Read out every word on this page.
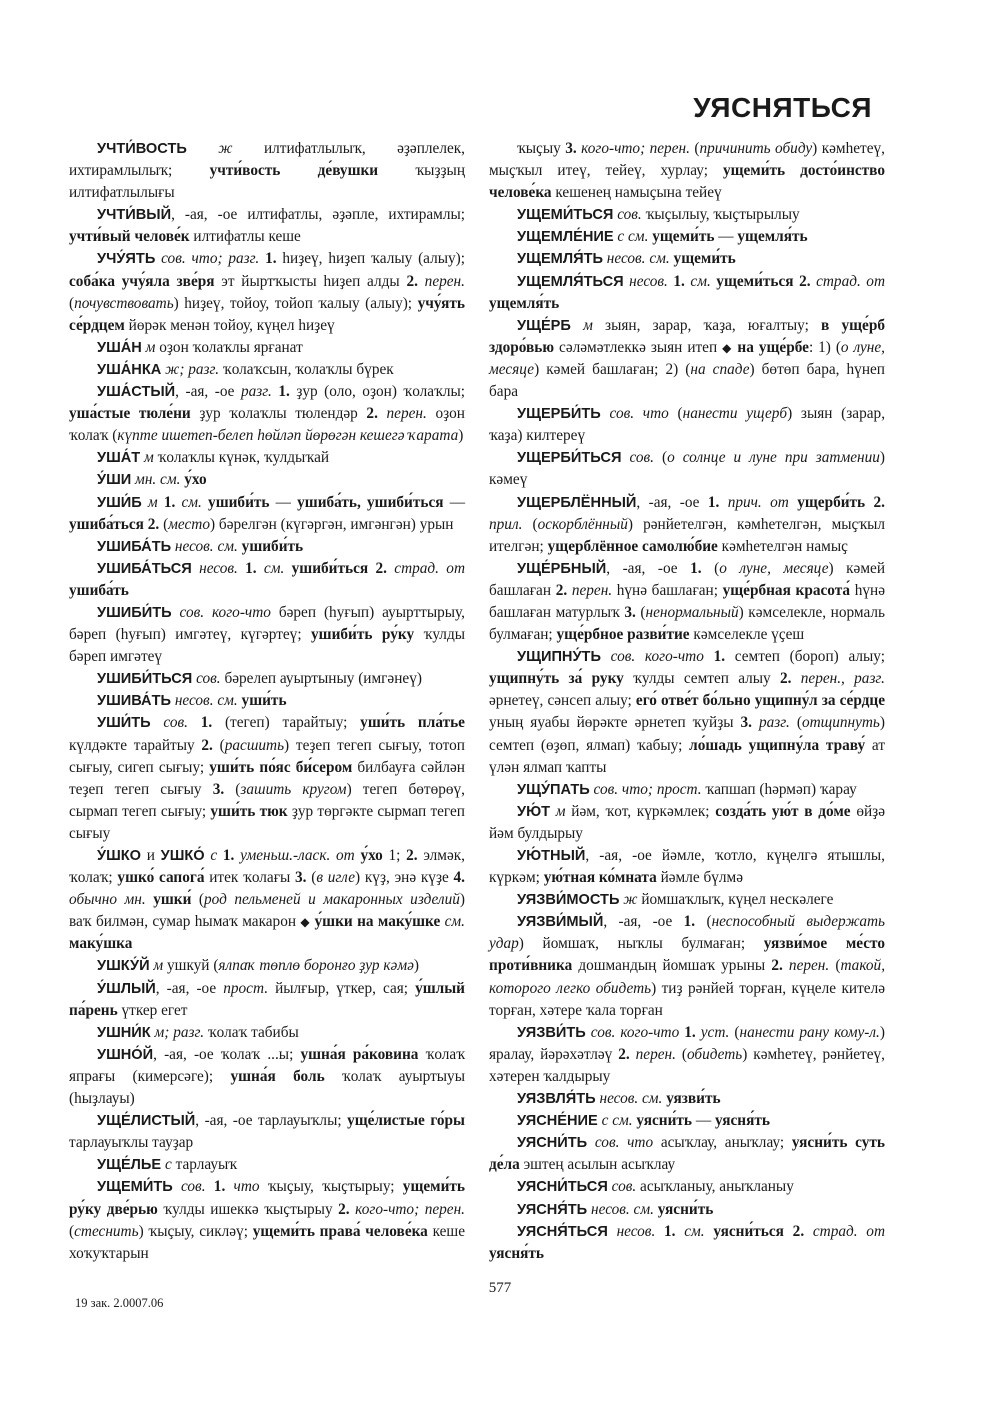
УЯСНЯТЬСЯ

УЧТИ́ВОСТЬ ж илтифатлылыҡ, әҙәплелек, ихтирамлылыҡ; учти́вость де́вушки ҡыҙҙың илтифатлылығы

УЧТИ́ВЫЙ, -ая, -ое илтифатлы, әҙәпле, ихтирамлы; учти́вый челове́к илтифатлы кеше

УЧУ́ЯТЬ сов. что; разг. 1. һиҙеү, һиҙеп ҡалыу (алыу); соба́ка учу́яла зве́ря эт йыртҡысты һиҙеп алды 2. перен. (почувствовать) һиҙеү, тойоу, тойоп ҡалыу (алыу); учу́ять се́рдцем йөрәк менән тойоу, күңел һиҙеү

УША́Н м оҙон ҡолаҡлы ярғанат

УША́НКА ж; разг. ҡолаҡсын, ҡолаҡлы бүрек

УША́СТЫЙ, -ая, -ое разг. 1. ҙур (оло, оҙон) ҡолаҡлы; уша́стые тюле́ни ҙур ҡолаҡлы тюлендәр 2. перен. оҙон ҡолаҡ (күпте ишетеп-белеп һөйләп йөрөгән кешегә ҡарата)

УША́Т м ҡолаҡлы күнәк, ҡулдыҡай

У́ШИ мн. см. у́хо

УШИ́Б м 1. см. ушиби́ть — ушиба́ть, ушиби́ться — ушиба́ться 2. (место) бәрелгән (күгәргән, имгәнгән) урын

УШИБА́ТЬ несов. см. ушиби́ть

УШИБА́ТЬСЯ несов. 1. см. ушиби́ться 2. страд. от ушиба́ть

УШИБИ́ТЬ сов. кого-что бәреп (һуғып) ауырттырыу, бәреп (һуғып) имгәтеү, күгәртеү; ушиби́ть ру́ку ҡулды бәреп имгәтеү

УШИБИ́ТЬСЯ сов. бәрелеп ауыртыныу (имгәнеү)

УШИВА́ТЬ несов. см. уши́ть

УШИ́ТЬ сов. 1. (тегеп) тарайтыу; уши́ть пла́тье күлдәкте тарайтыу 2. (расшить) теҙеп тегеп сығыу, тотоп сығыу, сигеп сығыу; уши́ть по́яс би́сером билбауға сәйлән теҙеп тегеп сығыу 3. (зашить кругом) тегеп бөтөрөү, сырмап тегеп сығыу; уши́ть тюк ҙур төргәкте сырмап тегеп сығыу

У́ШКО и УШКО́ с 1. уменьш.-ласк. от у́хо 1; 2. элмәк, ҡолаҡ; ушко́ сапога́ итек ҡолағы 3. (в игле) күҙ, энә күҙе 4. обычно мн. ушки́ (род пельменей и макаронных изделий) ваҡ билмән, сумар һымаҡ макарон ◆ у́шки на маку́шке см. маку́шка

УШКУ́Й м ушкуй (ялпаҡ төплө боронғо ҙур кәмә)

У́ШЛЫЙ, -ая, -ое прост. йылғыр, үткер, сая; у́шлый па́рень үткер егет

УШНИ́К м; разг. ҡолаҡ табибы

УШНО́Й, -ая, -ое ҡолаҡ ...ы; ушна́я ра́ковина ҡолаҡ япрағы (кимерсәге); ушна́я боль ҡолаҡ ауыртыуы (һыҙлауы)

УЩЕ́ЛИСТЫЙ, -ая, -ое тарлауыҡлы; уще́листые го́ры тарлауыҡлы тауҙар

УЩЕ́ЛЬЕ с тарлауыҡ

УЩЕМИ́ТЬ сов. 1. что ҡыҫыу, ҡыҫтырыу; ущеми́ть ру́ку две́рью ҡулды ишеккә ҡыҫтырыу 2. кого-что; перен. (стеснить) ҡыҫыу, сикләү; ущеми́ть права́ челове́ка кеше хоҡуҡтарын

ҡыҫыу 3. кого-что; перен. (причинить обиду) кәмһетеү, мыҫҡыл итеү, тейеү, хурлау; ущеми́ть досто́инство челове́ка кешенең намыҫына тейеү

УЩЕМИ́ТЬСЯ сов. ҡыҫылыу, ҡыҫтырылыу

УЩЕМЛЕ́НИЕ с см. ущеми́ть — ущемля́ть

УЩЕМЛЯ́ТЬ несов. см. ущеми́ть

УЩЕМЛЯ́ТЬСЯ несов. 1. см. ущеми́ться 2. страд. от ущемля́ть

УЩЕ́РБ м зыян, зарар, ҡаҙа, юғалтыу; в уще́рб здоро́вью сәләмәтлеккә зыян итеп ◆ на уще́рбе: 1) (о луне, месяце) кәмей башлаған; 2) (на спаде) бөтөп бара, һүнеп бара

УЩЕРБИ́ТЬ сов. что (нанести ущерб) зыян (зарар, ҡаҙа) килтереү

УЩЕРБИ́ТЬСЯ сов. (о солнце и луне при затмении) кәмеү

УЩЕРБЛЁННЫЙ, -ая, -ое 1. прич. от ущерби́ть 2. прил. (оскорблённый) рәнйетелгән, кәмһетелгән, мыҫҡыл ителгән; ущерблённое самолю́бие кәмһетелгән намыҫ

УЩЕ́РБНЫЙ, -ая, -ое 1. (о луне, месяце) кәмей башлаған 2. перен. һүнә башлаған; уще́рбная красота́ һүнә башлаған матурлыҡ 3. (ненормальный) кәмселекле, нормаль булмаған; уще́рбное разви́тие кәмселекле үҫеш

УЩИПНУ́ТЬ сов. кого-что 1. семтеп (бороп) алыу; ущипну́ть за́ руку ҡулды семтеп алыу 2. перен., разг. әрнетеү, сәнсеп алыу; его́ отве́т бо́льно ущипну́л за се́рдце уның яуабы йөрәкте әрнетеп ҡуйҙы 3. разг. (отщипнуть) семтеп (өҙөп, ялмап) ҡабыу; ло́шадь ущипну́ла траву́ ат үлән ялмап ҡапты

УЩУ́ПАТЬ сов. что; прост. ҡапшап (һәрмәп) ҡарау

УЮ́Т м йәм, ҡот, күркәмлек; созда́ть ую́т в до́ме өйҙә йәм булдырыу

УЮ́ТНЫЙ, -ая, -ое йәмле, ҡотло, күңелгә ятышлы, күркәм; ую́тная ко́мната йәмле бүлмә

УЯЗВИ́МОСТЬ ж йомшаҡлыҡ, күңел нескәлеге

УЯЗВИ́МЫЙ, -ая, -ое 1. (неспособный выдержать удар) йомшаҡ, ныҡлы булмаған; уязви́мое ме́сто проти́вника дошмандың йомшаҡ урыны 2. перен. (такой, которого легко обидеть) тиҙ рәнйей торған, күңеле кителә торған, хәтере ҡала торған

УЯЗВИ́ТЬ сов. кого-что 1. уст. (нанести рану кому-л.) яралау, йәрәхәтләү 2. перен. (обидеть) кәмһетеү, рәнйетеү, хәтерен ҡалдырыу

УЯЗВЛЯ́ТЬ несов. см. уязви́ть

УЯСНЕ́НИЕ с см. уясни́ть — уясня́ть

УЯСНИ́ТЬ сов. что асыҡлау, аныҡлау; уясни́ть суть де́ла эштең асылын асыҡлау

УЯСНИ́ТЬСЯ сов. асыҡланыу, аныҡланыу

УЯСНЯ́ТЬ несов. см. уясни́ть

УЯСНЯ́ТЬСЯ несов. 1. см. уясни́ться 2. страд. от уясня́ть

577
19 зак. 2.0007.06
